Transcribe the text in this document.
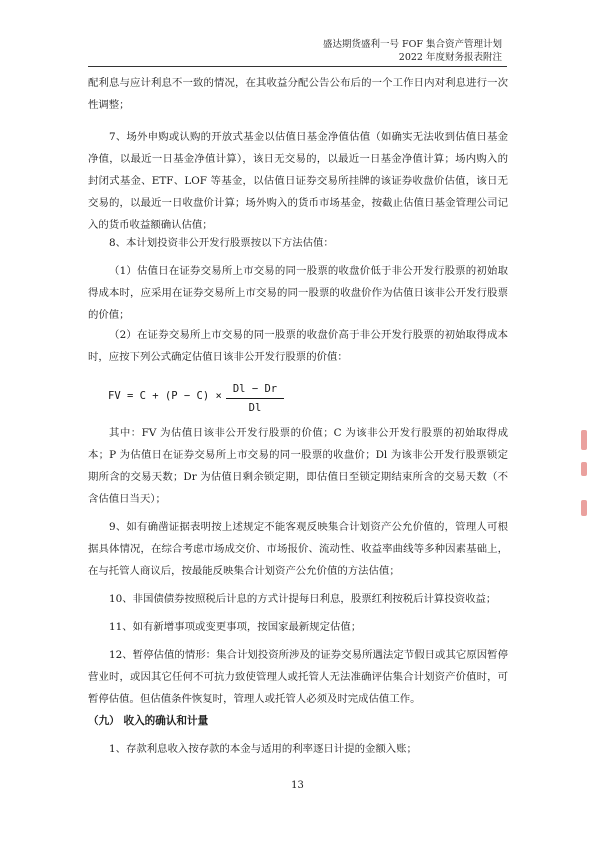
盛达期货盛利一号 FOF 集合资产管理计划
2022 年度财务报表附注
配利息与应计利息不一致的情况，在其收益分配公告公布后的一个工作日内对利息进行一次性调整；
7、场外申购或认购的开放式基金以估值日基金净值估值（如确实无法收到估值日基金净值，以最近一日基金净值计算），该日无交易的，以最近一日基金净值计算；场内购入的封闭式基金、ETF、LOF 等基金，以估值日证券交易所挂牌的该证券收盘价估值，该日无交易的，以最近一日收盘价计算；场外购入的货币市场基金，按截止估值日基金管理公司记入的货币收益额确认估值；
8、本计划投资非公开发行股票按以下方法估值：
（1）估值日在证券交易所上市交易的同一股票的收盘价低于非公开发行股票的初始取得成本时，应采用在证券交易所上市交易的同一股票的收盘价作为估值日该非公开发行股票的价值；
（2）在证券交易所上市交易的同一股票的收盘价高于非公开发行股票的初始取得成本时，应按下列公式确定估值日该非公开发行股票的价值：
FV = C + (P − C) ×
Dl − Dr
Dl
其中：FV 为估值日该非公开发行股票的价值；C 为该非公开发行股票的初始取得成本；P 为估值日在证券交易所上市交易的同一股票的收盘价；Dl 为该非公开发行股票锁定期所含的交易天数；Dr 为估值日剩余锁定期，即估值日至锁定期结束所含的交易天数（不含估值日当天）；
9、如有确凿证据表明按上述规定不能客观反映集合计划资产公允价值的，管理人可根据具体情况，在综合考虑市场成交价、市场报价、流动性、收益率曲线等多种因素基础上，在与托管人商议后，按最能反映集合计划资产公允价值的方法估值；
10、非国债债券按照税后计息的方式计提每日利息，股票红利按税后计算投资收益；
11、如有新增事项或变更事项，按国家最新规定估值；
12、暂停估值的情形：集合计划投资所涉及的证券交易所遇法定节假日或其它原因暂停营业时，或因其它任何不可抗力致使管理人或托管人无法准确评估集合计划资产价值时，可暂停估值。但估值条件恢复时，管理人或托管人必须及时完成估值工作。
（九） 收入的确认和计量
1、存款利息收入按存款的本金与适用的利率逐日计提的金额入账；
13
